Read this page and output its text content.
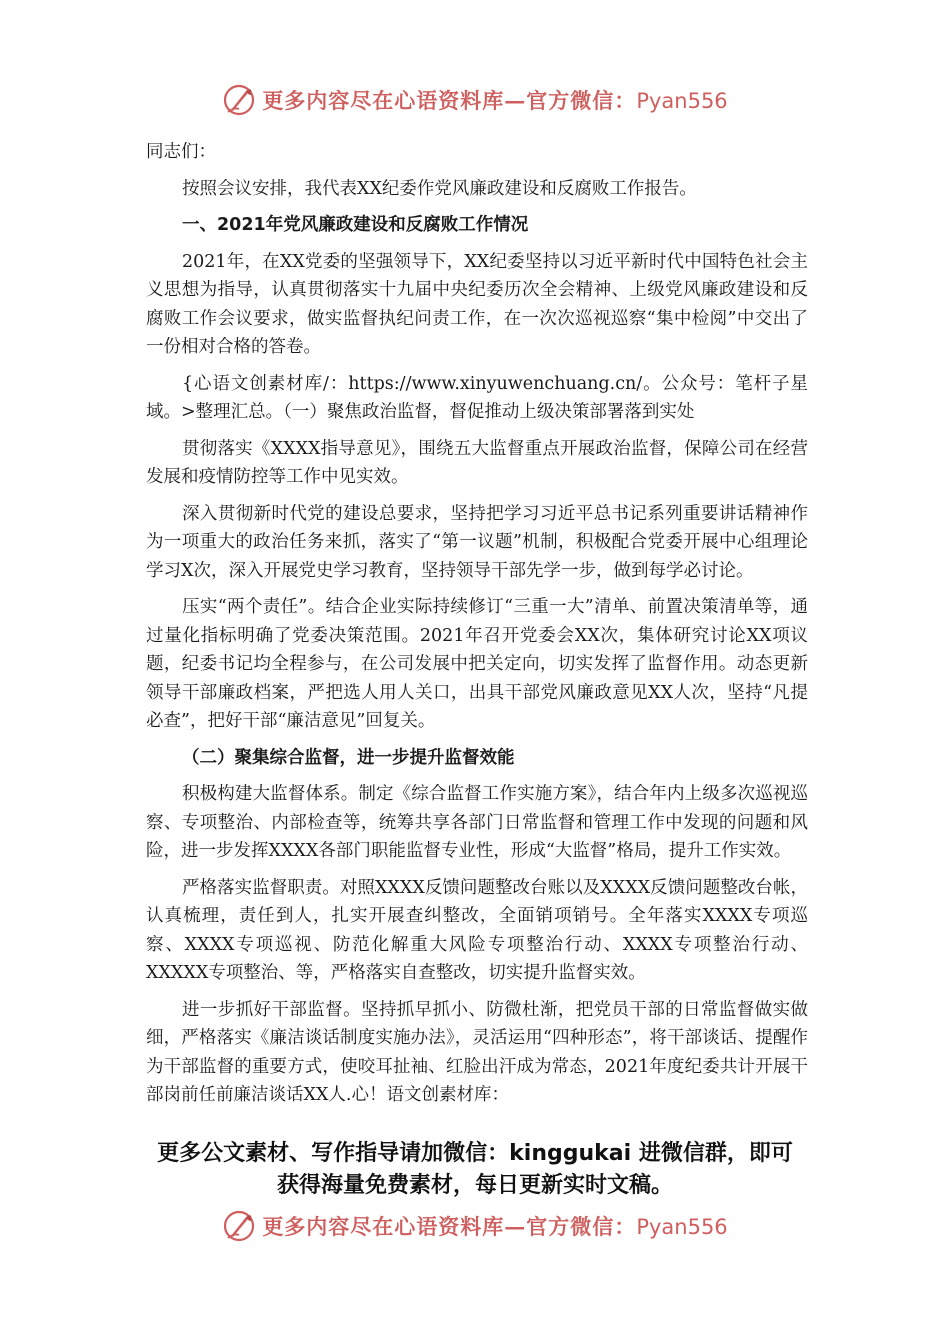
更多内容尽在心语资料库—官方微信：Pyan556

同志们：

按照会议安排，我代表XX纪委作党风廉政建设和反腐败工作报告。

一、2021年党风廉政建设和反腐败工作情况

2021年，在XX党委的坚强领导下，XX纪委坚持以习近平新时代中国特色社会主义思想为指导，认真贯彻落实十九届中央纪委历次全会精神、上级党风廉政建设和反腐败工作会议要求，做实监督执纪问责工作，在一次次巡视巡察“集中检阅”中交出了一份相对合格的答卷。

{心语文创素材库/：https://www.xinyuwenchuang.cn/。公众号：笔杆子星域。>整理汇总。（一）聚焦政治监督，督促推动上级决策部署落到实处

贯彻落实《XXXX指导意见》，围绕五大监督重点开展政治监督，保障公司在经营发展和疫情防控等工作中见实效。

深入贯彻新时代党的建设总要求，坚持把学习习近平总书记系列重要讲话精神作为一项重大的政治任务来抓，落实了“第一议题”机制，积极配合党委开展中心组理论学习X次，深入开展党史学习教育，坚持领导干部先学一步，做到每学必讨论。

压实“两个责任”。结合企业实际持续修订“三重一大”清单、前置决策清单等，通过量化指标明确了党委决策范围。2021年召开党委会XX次，集体研究讨论XX项议题，纪委书记均全程参与，在公司发展中把关定向，切实发挥了监督作用。动态更新领导干部廉政档案，严把选人用人关口，出具干部党风廉政意见XX人次，坚持“凡提必查”，把好干部“廉洁意见”回复关。

（二）聚集综合监督，进一步提升监督效能

积极构建大监督体系。制定《综合监督工作实施方案》，结合年内上级多次巡视巡察、专项整治、内部检查等，统筹共享各部门日常监督和管理工作中发现的问题和风险，进一步发挥XXXX各部门职能监督专业性，形成“大监督”格局，提升工作实效。

严格落实监督职责。对照XXXX反馈问题整改台账以及XXXX反馈问题整改台帐，认真梳理，责任到人，扎实开展查纠整改，全面销项销号。全年落实XXXX专项巡察、XXXX专项巡视、防范化解重大风险专项整治行动、XXXX专项整治行动、XXXXX专项整治、等，严格落实自查整改，切实提升监督实效。

进一步抓好干部监督。坚持抓早抓小、防微杜渐，把党员干部的日常监督做实做细，严格落实《廉洁谈话制度实施办法》，灵活运用“四种形态”，将干部谈话、提醒作为干部监督的重要方式，使咬耳扯袖、红脸出汗成为常态，2021年度纪委共计开展干部岗前任前廉洁谈话XX人.心！语文创素材库：

更多公文素材、写作指导请加微信：kinggukai 进微信群，即可
获得海量免费素材，每日更新实时文稿。
更多内容尽在心语资料库—官方微信：Pyan556
